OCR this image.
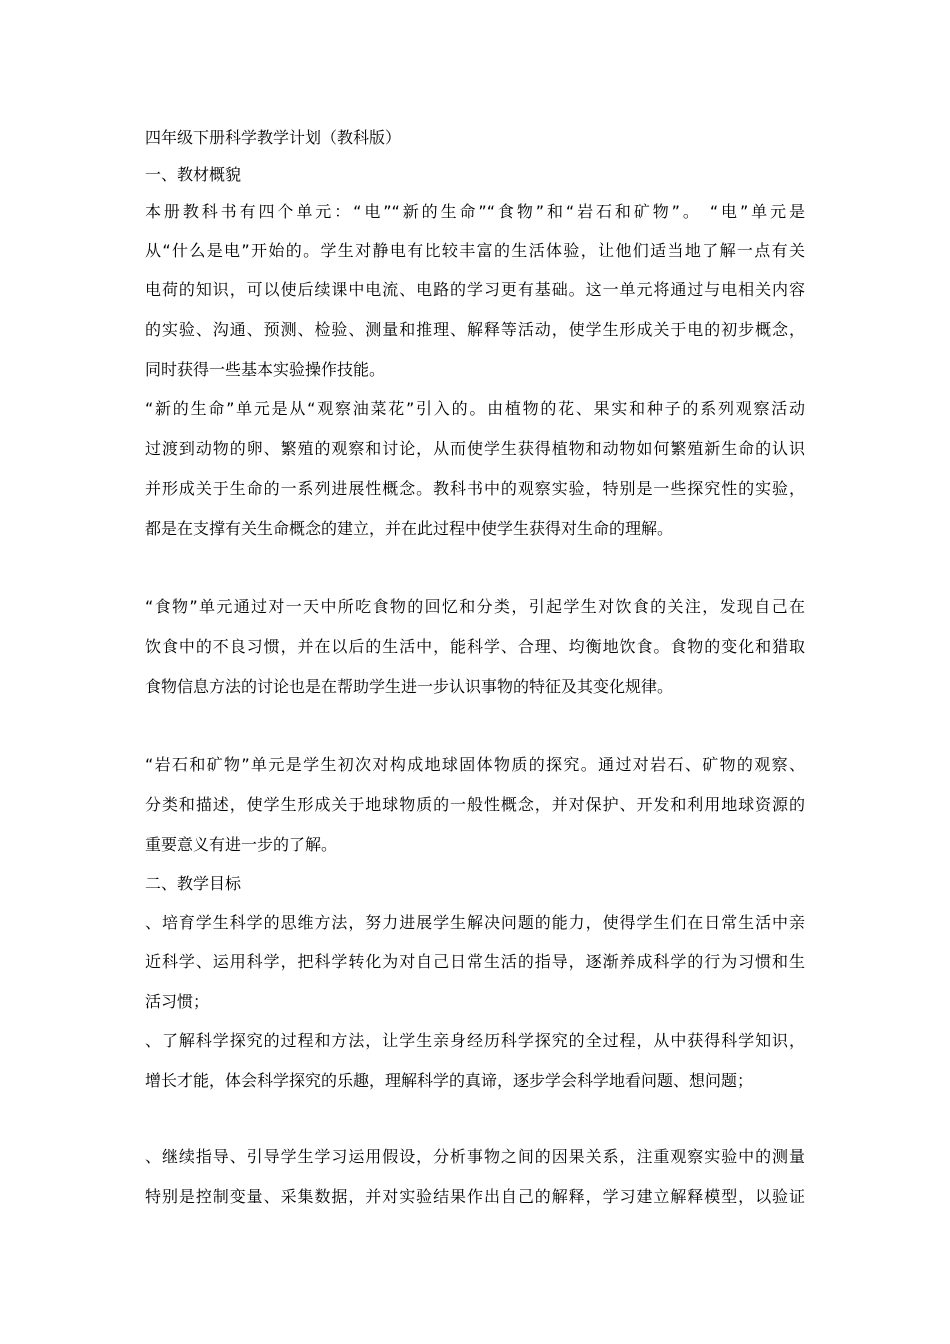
四年级下册科学教学计划（教科版）
一、教材概貌
本册教科书有四个单元：“电”“新的生命”“食物”和“岩石和矿物”。 “电”单元是
从“什么是电”开始的。学生对静电有比较丰富的生活体验，让他们适当地了解一点有关
电荷的知识，可以使后续课中电流、电路的学习更有基础。这一单元将通过与电相关内容
的实验、沟通、预测、检验、测量和推理、解释等活动，使学生形成关于电的初步概念，
同时获得一些基本实验操作技能。
“新的生命”单元是从“观察油菜花”引入的。由植物的花、果实和种子的系列观察活动
过渡到动物的卵、繁殖的观察和讨论，从而使学生获得植物和动物如何繁殖新生命的认识
并形成关于生命的一系列进展性概念。教科书中的观察实验，特别是一些探究性的实验，
都是在支撑有关生命概念的建立，并在此过程中使学生获得对生命的理解。
“食物”单元通过对一天中所吃食物的回忆和分类，引起学生对饮食的关注，发现自己在
饮食中的不良习惯，并在以后的生活中，能科学、合理、均衡地饮食。食物的变化和猎取
食物信息方法的讨论也是在帮助学生进一步认识事物的特征及其变化规律。
“岩石和矿物”单元是学生初次对构成地球固体物质的探究。通过对岩石、矿物的观察、
分类和描述，使学生形成关于地球物质的一般性概念，并对保护、开发和利用地球资源的
重要意义有进一步的了解。
二、教学目标
、培育学生科学的思维方法，努力进展学生解决问题的能力，使得学生们在日常生活中亲
近科学、运用科学，把科学转化为对自己日常生活的指导，逐渐养成科学的行为习惯和生
活习惯；
、了解科学探究的过程和方法，让学生亲身经历科学探究的全过程，从中获得科学知识，
增长才能，体会科学探究的乐趣，理解科学的真谛，逐步学会科学地看问题、想问题；
、继续指导、引导学生学习运用假设，分析事物之间的因果关系，注重观察实验中的测量
特别是控制变量、采集数据，并对实验结果作出自己的解释，学习建立解释模型，以验证
